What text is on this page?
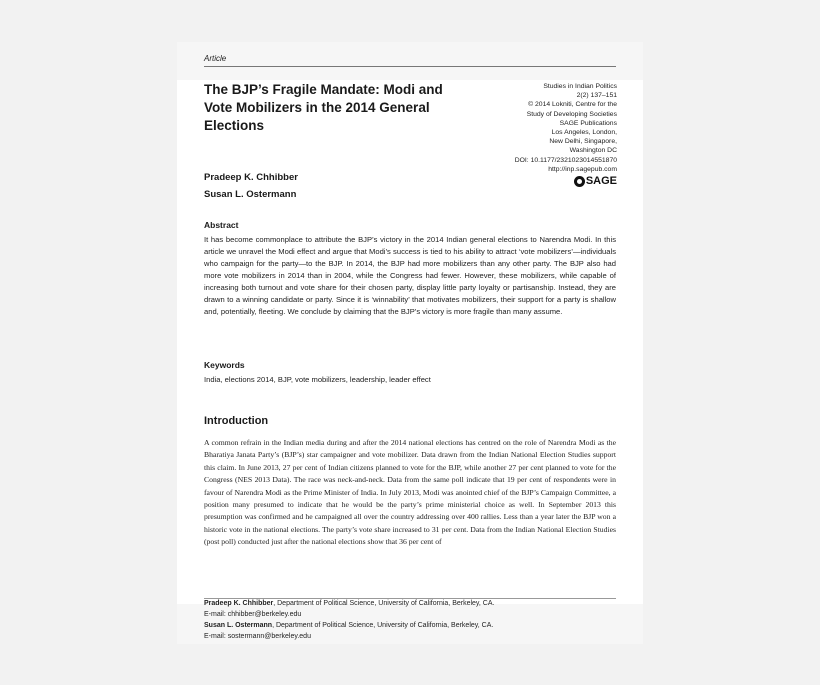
Article
The BJP’s Fragile Mandate: Modi and Vote Mobilizers in the 2014 General Elections
Studies in Indian Politics
2(2) 137–151
© 2014 Lokniti, Centre for the
Study of Developing Societies
SAGE Publications
Los Angeles, London,
New Delhi, Singapore,
Washington DC
DOI: 10.1177/2321023014551870
http://inp.sagepub.com
SAGE
Pradeep K. Chhibber
Susan L. Ostermann
Abstract

It has become commonplace to attribute the BJP’s victory in the 2014 Indian general elections to Narendra Modi. In this article we unravel the Modi effect and argue that Modi’s success is tied to his ability to attract ‘vote mobilizers’—individuals who campaign for the party—to the BJP. In 2014, the BJP had more mobilizers than any other party. The BJP also had more vote mobilizers in 2014 than in 2004, while the Congress had fewer. However, these mobilizers, while capable of increasing both turnout and vote share for their chosen party, display little party loyalty or partisanship. Instead, they are drawn to a winning candidate or party. Since it is ‘winnability’ that motivates mobilizers, their support for a party is shallow and, potentially, fleeting. We conclude by claiming that the BJP’s victory is more fragile than many assume.

Keywords
India, elections 2014, BJP, vote mobilizers, leadership, leader effect
Introduction

A common refrain in the Indian media during and after the 2014 national elections has centred on the role of Narendra Modi as the Bharatiya Janata Party’s (BJP’s) star campaigner and vote mobilizer. Data drawn from the Indian National Election Studies support this claim. In June 2013, 27 per cent of Indian citizens planned to vote for the BJP, while another 27 per cent planned to vote for the Congress (NES 2013 Data). The race was neck-and-neck. Data from the same poll indicate that 19 per cent of respondents were in favour of Narendra Modi as the Prime Minister of India. In July 2013, Modi was anointed chief of the BJP’s Campaign Committee, a position many presumed to indicate that he would be the party’s prime ministerial choice as well. In September 2013 this presumption was confirmed and he campaigned all over the country addressing over 400 rallies. Less than a year later the BJP won a historic vote in the national elections. The party’s vote share increased to 31 per cent. Data from the Indian National Election Studies (post poll) conducted just after the national elections show that 36 per cent of

Pradeep K. Chhibber, Department of Political Science, University of California, Berkeley, CA.
E-mail: chhibber@berkeley.edu
Susan L. Ostermann, Department of Political Science, University of California, Berkeley, CA.
E-mail: sostermann@berkeley.edu
